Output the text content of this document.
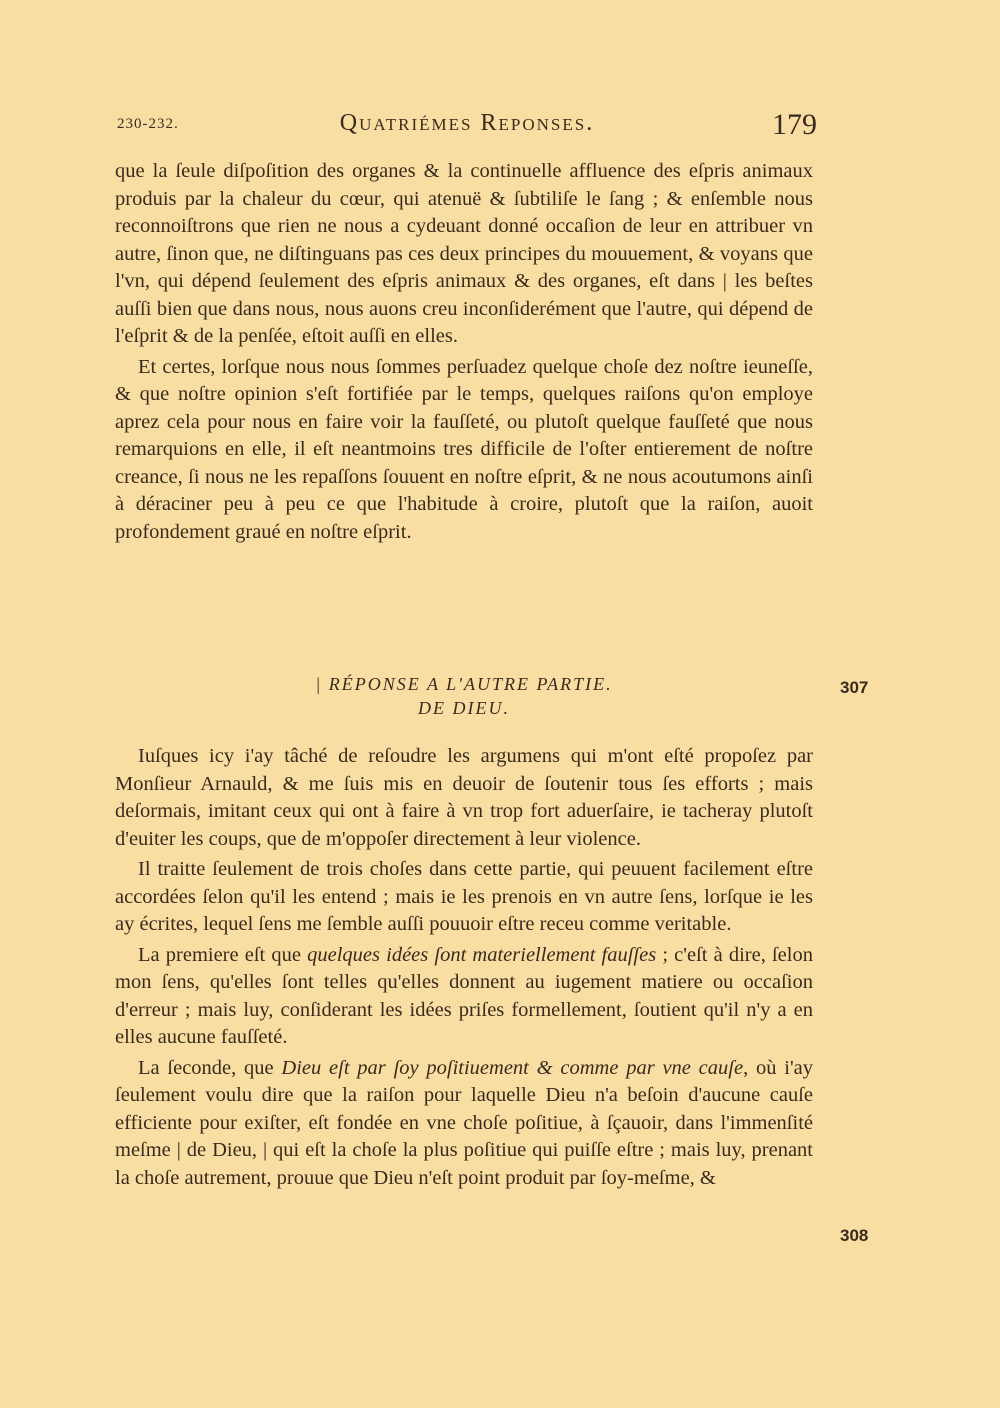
230-232.	Quatriémes Reponses.	179

que la ſeule diſpoſition des organes & la continuelle affluence des eſpris animaux produis par la chaleur du cœur, qui atenuë & ſubtiliſe le ſang ; & enſemble nous reconnoiſtrons que rien ne nous a cydeuant donné occaſion de leur en attribuer vn autre, ſinon que, ne diſtinguans pas ces deux principes du mouuement, & voyans que l'vn, qui dépend ſeulement des eſpris animaux & des organes, eſt dans | les beſtes auſſi bien que dans nous, nous auons creu inconſiderément que l'autre, qui dépend de l'eſprit & de la penſée, eſtoit auſſi en elles.

Et certes, lorſque nous nous ſommes perſuadez quelque choſe dez noſtre ieuneſſe, & que noſtre opinion s'eſt fortifiée par le temps, quelques raiſons qu'on employe aprez cela pour nous en faire voir la fauſſeté, ou plutoſt quelque fauſſeté que nous remarquions en elle, il eſt neantmoins tres difficile de l'oſter entierement de noſtre creance, ſi nous ne les repaſſons ſouuent en noſtre eſprit, & ne nous acoutumons ainſi à déraciner peu à peu ce que l'habitude à croire, plutoſt que la raiſon, auoit profondement graué en noſtre eſprit.

| RÉPONSE A L'AUTRE PARTIE.
DE DIEU.
307
308

Iuſques icy i'ay tâché de reſoudre les argumens qui m'ont eſté propoſez par Monſieur Arnauld, & me ſuis mis en deuoir de ſoutenir tous ſes efforts ; mais deſormais, imitant ceux qui ont à faire à vn trop fort aduerſaire, ie tacheray plutoſt d'euiter les coups, que de m'oppoſer directement à leur violence.

Il traitte ſeulement de trois choſes dans cette partie, qui peuuent facilement eſtre accordées ſelon qu'il les entend ; mais ie les prenois en vn autre ſens, lorſque ie les ay écrites, lequel ſens me ſemble auſſi pouuoir eſtre receu comme veritable.

La premiere eſt que quelques idées ſont materiellement fauſſes ; c'eſt à dire, ſelon mon ſens, qu'elles ſont telles qu'elles donnent au iugement matiere ou occaſion d'erreur ; mais luy, conſiderant les idées priſes formellement, ſoutient qu'il n'y a en elles aucune fauſſeté.

La ſeconde, que Dieu eſt par ſoy poſitiuement & comme par vne cauſe, où i'ay ſeulement voulu dire que la raiſon pour laquelle Dieu n'a beſoin d'aucune cauſe efficiente pour exiſter, eſt fondée en vne choſe poſitiue, à ſçauoir, dans l'immenſité meſme | de Dieu, | qui eſt la choſe la plus poſitiue qui puiſſe eſtre ; mais luy, prenant la choſe autrement, prouue que Dieu n'eſt point produit par ſoy-meſme, &
